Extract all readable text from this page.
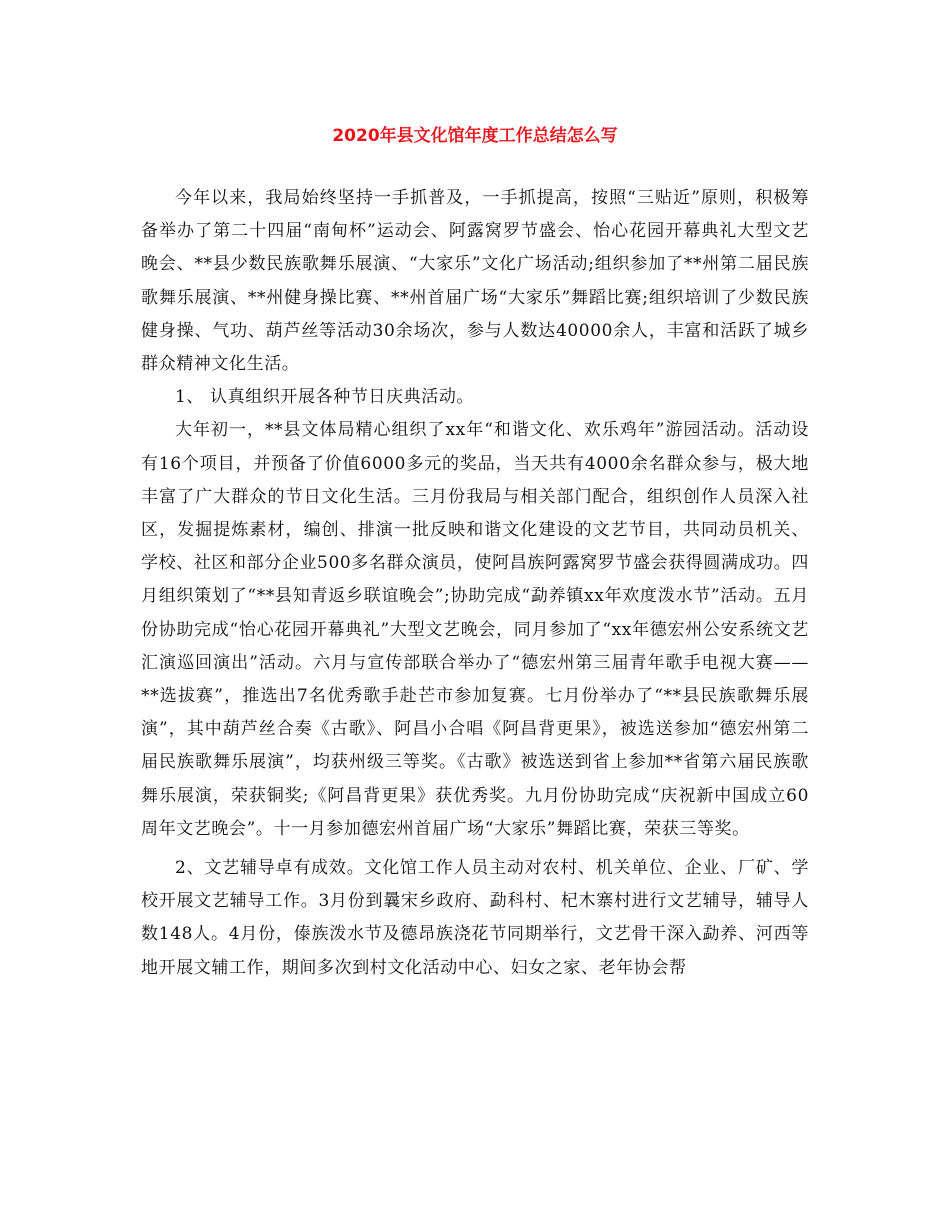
2020年县文化馆年度工作总结怎么写

今年以来，我局始终坚持一手抓普及，一手抓提高，按照“三贴近”原则，积极筹备举办了第二十四届“南甸杯”运动会、阿露窝罗节盛会、怡心花园开幕典礼大型文艺晚会、**县少数民族歌舞乐展演、“大家乐”文化广场活动;组织参加了**州第二届民族歌舞乐展演、**州健身操比赛、**州首届广场“大家乐”舞蹈比赛;组织培训了少数民族健身操、气功、葫芦丝等活动30余场次，参与人数达40000余人，丰富和活跃了城乡群众精神文化生活。

1、 认真组织开展各种节日庆典活动。

大年初一，**县文体局精心组织了xx年“和谐文化、欢乐鸡年”游园活动。活动设有16个项目，并预备了价值6000多元的奖品，当天共有4000余名群众参与，极大地丰富了广大群众的节日文化生活。三月份我局与相关部门配合，组织创作人员深入社区，发掘提炼素材，编创、排演一批反映和谐文化建设的文艺节目，共同动员机关、学校、社区和部分企业500多名群众演员，使阿昌族阿露窝罗节盛会获得圆满成功。四月组织策划了“**县知青返乡联谊晚会”;协助完成“勐养镇xx年欢度泼水节”活动。五月份协助完成“怡心花园开幕典礼”大型文艺晚会，同月参加了“xx年德宏州公安系统文艺汇演巡回演出”活动。六月与宣传部联合举办了“德宏州第三届青年歌手电视大赛——**选拔赛”，推选出7名优秀歌手赴芒市参加复赛。七月份举办了“**县民族歌舞乐展演”，其中葫芦丝合奏《古歌》、阿昌小合唱《阿昌背更果》，被选送参加“德宏州第二届民族歌舞乐展演”，均获州级三等奖。《古歌》被选送到省上参加**省第六届民族歌舞乐展演，荣获铜奖;《阿昌背更果》获优秀奖。九月份协助完成“庆祝新中国成立60周年文艺晚会”。十一月参加德宏州首届广场“大家乐”舞蹈比赛，荣获三等奖。

2、文艺辅导卓有成效。文化馆工作人员主动对农村、机关单位、企业、厂矿、学校开展文艺辅导工作。3月份到曩宋乡政府、勐科村、杞木寨村进行文艺辅导，辅导人数148人。4月份，傣族泼水节及德昂族浇花节同期举行，文艺骨干深入勐养、河西等地开展文辅工作，期间多次到村文化活动中心、妇女之家、老年协会帮
